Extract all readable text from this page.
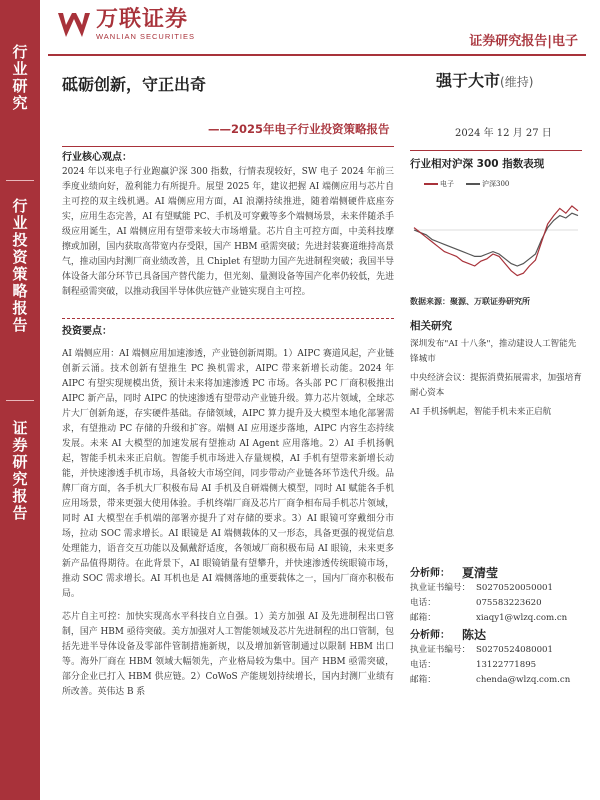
行
业
研
究
行
业
投
资
策
略
报
告
证
券
研
究
报
告
万联证券
WANLIAN SECURITIES	证券研究报告|电子
砥砺创新，守正出奇
——2025年电子行业投资策略报告
强于大市(维持)
2024 年 12 月 27 日
行业核心观点：
2024 年以来电子行业跑赢沪深 300 指数，行情表现较好，SW 电子 2024 年前三季度业绩向好，盈利能力有所提升。展望 2025 年，建议把握 AI 端侧应用与芯片自主可控的双主线机遇。AI 端侧应用方面，AI 浪潮持续推进，随着端侧硬件底座夯实，应用生态完善，AI 有望赋能 PC、手机及可穿戴等多个端侧场景，未来伴随杀手级应用诞生，AI 端侧应用有望带来较大市场增量。芯片自主可控方面，中美科技摩擦或加剧，国内获取高带宽内存受限，国产 HBM 亟需突破；先进封装赛道维持高景气，推动国内封测厂商业绩改善，且 Chiplet 有望助力国产先进制程突破；我国半导体设备大部分环节已具备国产替代能力，但光刻、量测设备等国产化率仍较低，先进制程亟需突破，以推动我国半导体供应链产业链实现自主可控。
投资要点：
AI 端侧应用：AI 端侧应用加速渗透，产业链创新周期。1）AIPC 赛道风起，产业链创新云涌。技术创新有望推生 PC 换机需求，AIPC 带来新增长动能。2024 年 AIPC 有望实现规模出货，预计未来将加速渗透 PC 市场。各头部 PC 厂商积极推出 AIPC 新产品，同时 AIPC 的快速渗透有望带动产业链升级。算力芯片领域，全球芯片大厂创新角逐，存实硬件基础。存储领域，AIPC 算力提升及大模型本地化部署需求，有望推动 PC 存储的升级和扩容。端侧 AI 应用逐步落地，AIPC 内容生态持续发展。未来 AI 大模型的加速发展有望推动 AI Agent 应用落地。2）AI 手机扬帆起，智能手机未来正启航。智能手机市场进入存量规模，AI 手机有望带来新增长动能，并快速渗透手机市场，具备较大市场空间，同步带动产业链各环节迭代升级。品牌厂商方面，各手机大厂积极布局 AI 手机及自研端侧大模型，同时 AI 赋能各手机应用场景，带来更强大使用体验。手机终端厂商及芯片厂商争相布局手机芯片领域，同时 AI 大模型在手机端的部署亦提升了对存储的要求。3）AI 眼镜可穿戴细分市场，拉动 SOC 需求增长。AI 眼镜是 AI 端侧载体的又一形态，具备更强的视觉信息处理能力，语音交互功能以及佩戴舒适度，各领域厂商积极布局 AI 眼镜，未来更多新产品值得期待。在此背景下，AI 眼镜销量有望攀升，并快速渗透传统眼镜市场，推动 SOC 需求增长。AI 耳机也是 AI 端侧落地的重要载体之一，国内厂商亦积极布局。
芯片自主可控：加快实现高水平科技自立自强。1）美方加强 AI 及先进制程出口管制，国产 HBM 亟待突破。美方加强对人工智能领域及芯片先进制程的出口管制，包括先进半导体设备及零部件管制措施新规，以及增加新管制通过以限制 HBM 出口等。海外厂商在 HBM 领域大幅领先，产业格局较为集中。国产 HBM 亟需突破，部分企业已打入 HBM 供应链。2）CoWoS 产能规划持续增长，国内封测厂业绩有所改善。英伟达 B 系
行业相对沪深 300 指数表现
电子	沪深300
数据来源：聚源、万联证券研究所
相关研究
深圳发布"AI 十八条"，推动建设人工智能先锋城市
中央经济会议：提振消费拓展需求，加强培育耐心资本
AI 手机扬帆起，智能手机未来正启航
分析师：	夏清莹
执业证书编号： S0270520050001
电话：	075583223620
邮箱：	xiaqy1@wlzq.com.cn
分析师：	陈达
执业证书编号： S0270524080001
电话：	13122771895
邮箱：	chenda@wlzq.com.cn
